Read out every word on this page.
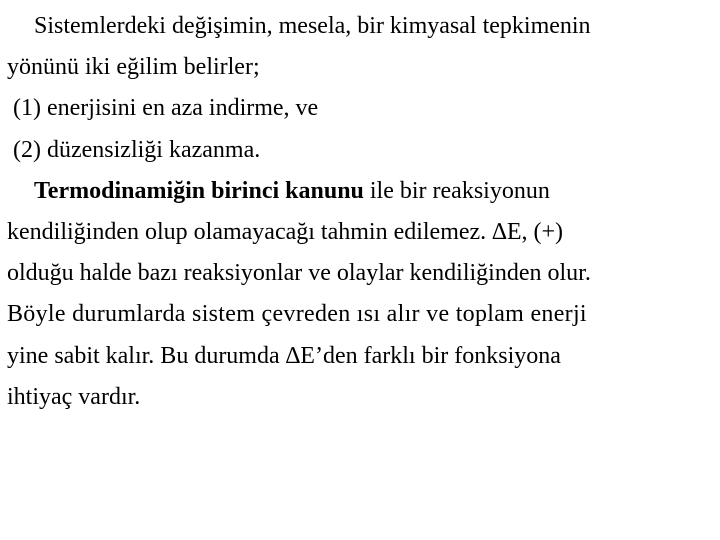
Sistemlerdeki değişimin, mesela, bir kimyasal tepkimenin
yönünü iki eğilim belirler;
(1) enerjisini en aza indirme, ve
(2) düzensizliği kazanma.
Termodinamiğin birinci kanunu ile bir reaksiyonun
kendiliğinden olup olamayacağı tahmin edilemez. ∆E, (+)
olduğu halde bazı reaksiyonlar ve olaylar kendiliğinden olur.
Böyle durumlarda sistem çevreden ısı alır ve toplam enerji
yine sabit kalır. Bu durumda ∆E’den farklı bir fonksiyona
ihtiyaç vardır.
